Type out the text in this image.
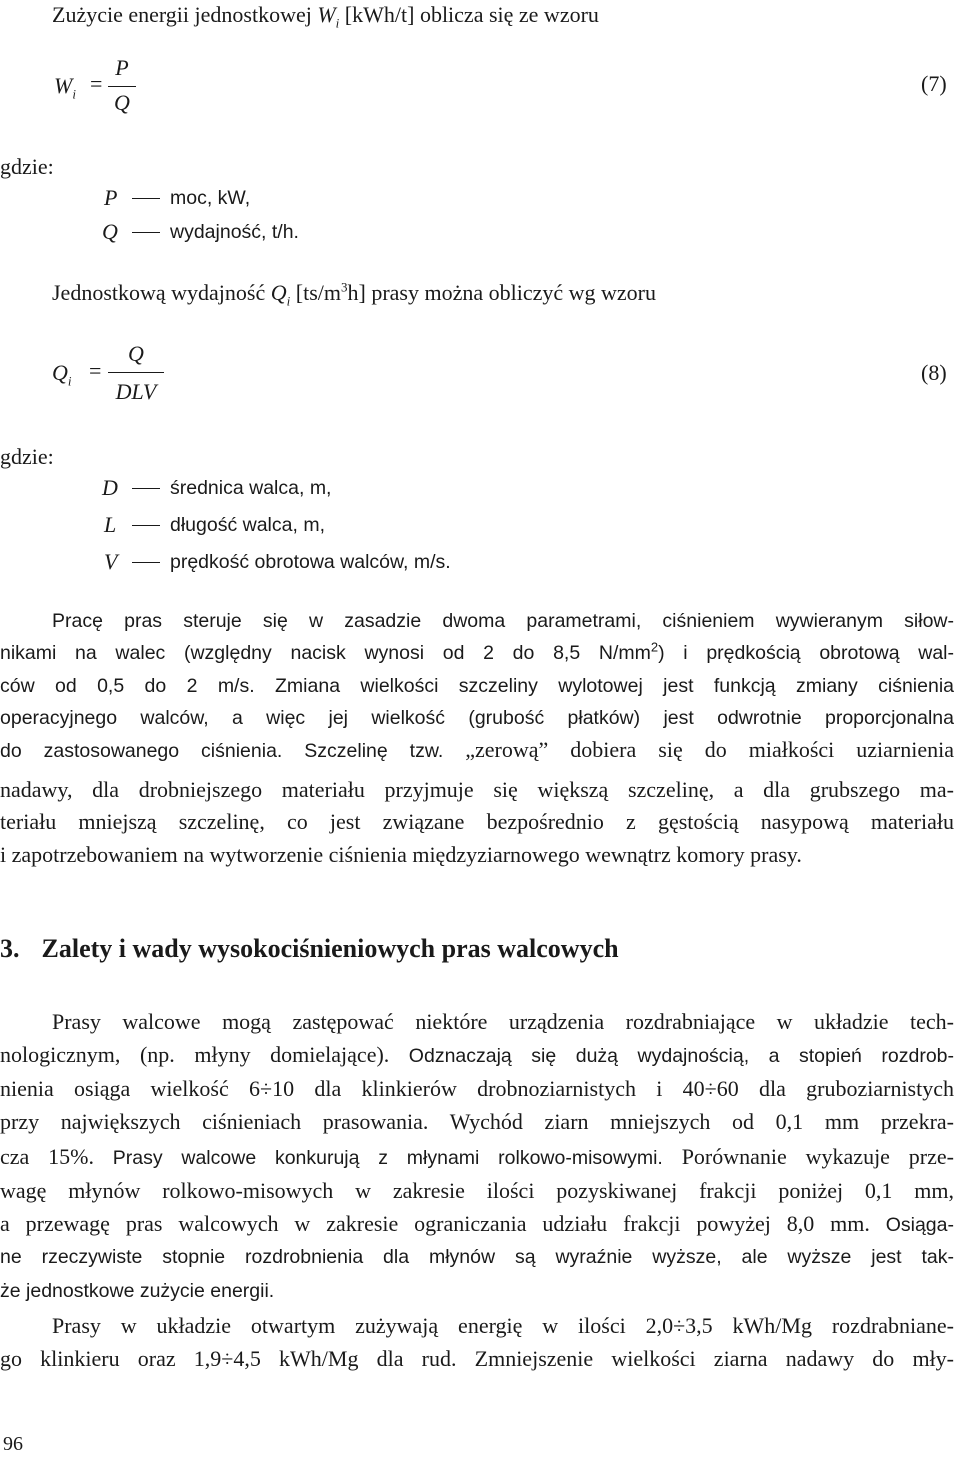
Zużycie energii jednostkowej $W_i$ [kWh/t] oblicza się ze wzoru
$W_i$ =
P
Q
(7)
gdzie:
P	moc, kW,
Q	wydajność, t/h.
Jednostkową wydajność $Q_i$ $[ts/m^3h]$ prasy można obliczyć wg wzoru
$Q_i$ =
Q
DLV
(8)
gdzie:
D	średnica walca, m,
L	długość walca, m,
V	prędkość obrotowa walców, m/s.
Pracę pras steruje się w zasadzie dwoma parametrami, ciśnieniem wywieranym siłow-
nikami na walec (względny nacisk wynosi od 2 do 8,5 $N/mm^2$) i prędkością obrotową wal-
ców od 0,5 do 2 m/s. Zmiana wielkości szczeliny wylotowej jest funkcją zmiany ciśnienia
operacyjnego walców, a więc jej wielkość (grubość płatków) jest odwrotnie proporcjonalna
do zastosowanego ciśnienia. Szczelinę tzw. „zerową” dobiera się do miałkości uziarnienia
nadawy, dla drobniejszego materiału przyjmuje się większą szczelinę, a dla grubszego ma-
teriału mniejszą szczelinę, co jest związane bezpośrednio z gęstością nasypową materiału
i zapotrzebowaniem na wytworzenie ciśnienia międzyziarnowego wewnątrz komory prasy.
3. Zalety i wady wysokociśnieniowych pras walcowych
Prasy walcowe mogą zastępować niektóre urządzenia rozdrabniające w układzie tech-
nologicznym, (np. młyny domielające). Odznaczają się dużą wydajnością, a stopień rozdrob-
nienia osiąga wielkość 6÷10 dla klinkierów drobnoziarnistych i 40÷60 dla gruboziarnistych
przy największych ciśnieniach prasowania. Wychód ziarn mniejszych od 0,1 mm przekra-
cza 15%. Prasy walcowe konkurują z młynami rolkowo-misowymi. Porównanie wykazuje prze-
wagę młynów rolkowo-misowych w zakresie ilości pozyskiwanej frakcji poniżej 0,1 mm,
a przewagę pras walcowych w zakresie ograniczania udziału frakcji powyżej 8,0 mm. Osiąga-
ne rzeczywiste stopnie rozdrobnienia dla młynów są wyraźnie wyższe, ale wyższe jest tak-
że jednostkowe zużycie energii.
Prasy w układzie otwartym zużywają energię w ilości 2,0÷3,5 kWh/Mg rozdrabniane-
go klinkieru oraz 1,9÷4,5 kWh/Mg dla rud. Zmniejszenie wielkości ziarna nadawy do mły-
96
